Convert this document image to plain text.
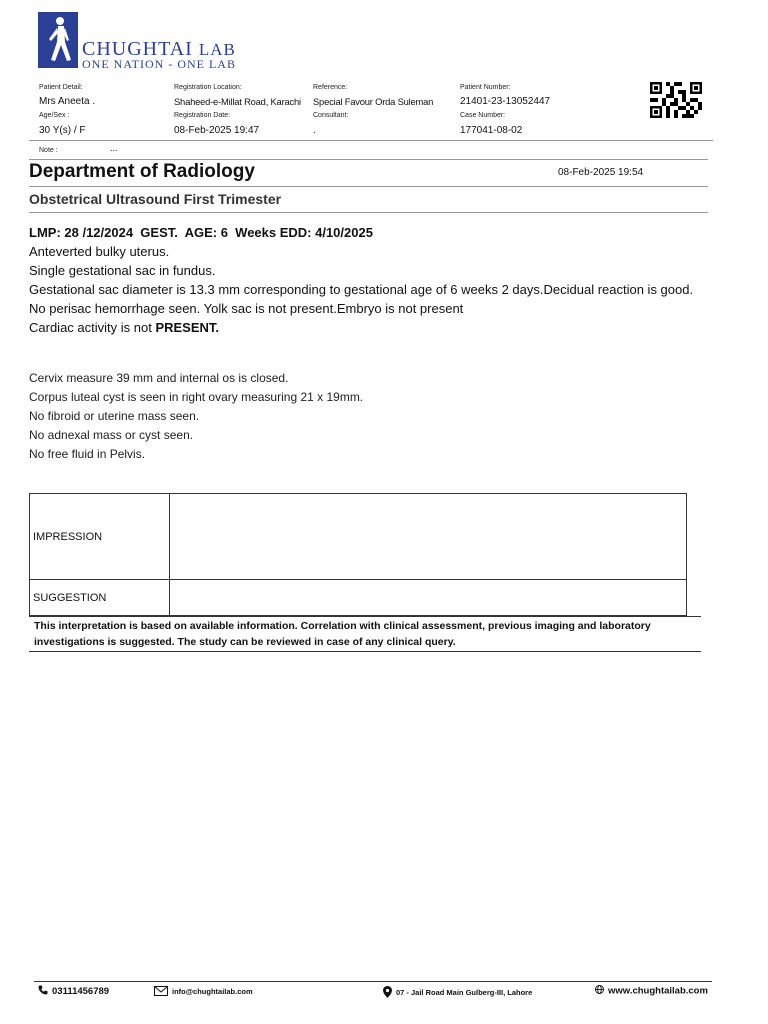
CHUGHTAI LAB
ONE NATION - ONE LAB
Patient Detail:
Mrs Aneeta .
Age/Sex :
30 Y(s) / F
Registration Location:
Shaheed-e-Millat Road, Karachi
Registration Date:
08-Feb-2025 19:47
Reference:
Special Favour Orda Suleman
Consultant:
.
Patient Number:
21401-23-13052447
Case Number:
177041-08-02
Note :	...
Department of Radiology	08-Feb-2025 19:54
Obstetrical Ultrasound First Trimester

LMP: 28 /12/2024  GEST.  AGE: 6  Weeks EDD: 4/10/2025

Anteverted bulky uterus.

Single gestational sac in fundus.

Gestational sac diameter is 13.3 mm corresponding to gestational age of 6 weeks 2 days.Decidual reaction is good.

No perisac hemorrhage seen. Yolk sac is not present.Embryo is not present

Cardiac activity is not PRESENT.

Cervix measure 39 mm and internal os is closed.

Corpus luteal cyst is seen in right ovary measuring 21 x 19mm.

No fibroid or uterine mass seen.

No adnexal mass or cyst seen.

No free fluid in Pelvis.

IMPRESSION	
SUGGESTION	
This interpretation is based on available information. Correlation with clinical assessment, previous imaging and laboratory investigations is suggested. The study can be reviewed in case of any clinical query.
03111456789	info@chughtailab.com	07 - Jail Road Main Gulberg-III, Lahore	www.chughtailab.com
